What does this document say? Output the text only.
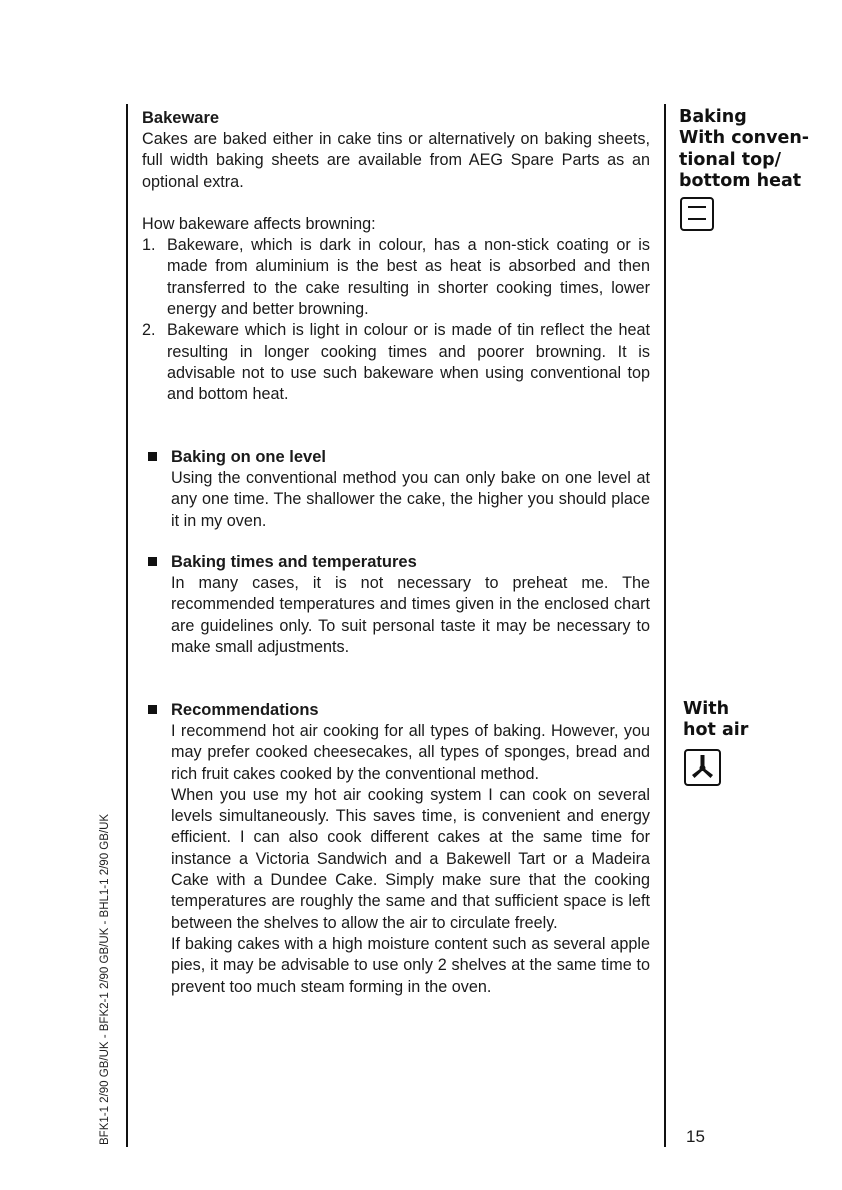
Bakeware

Cakes are baked either in cake tins or alternatively on baking sheets, full width baking sheets are available from AEG Spare Parts as an optional extra.

How bakeware affects browning:

1. Bakeware, which is dark in colour, has a non-stick coating or is made from aluminium is the best as heat is absorbed and then transferred to the cake resulting in shorter cooking times, lower energy and better browning.
2. Bakeware which is light in colour or is made of tin reflect the heat resulting in longer cooking times and poorer browning. It is advisable not to use such bakeware when using conventional top and bottom heat.

Baking on one level

Using the conventional method you can only bake on one level at any one time. The shallower the cake, the higher you should place it in my oven.

Baking times and temperatures

In many cases, it is not necessary to preheat me. The recommended temperatures and times given in the enclosed chart are guidelines only. To suit personal taste it may be necessary to make small adjustments.

Recommendations

I recommend hot air cooking for all types of baking. However, you may prefer cooked cheesecakes, all types of sponges, bread and rich fruit cakes cooked by the conventional method.

When you use my hot air cooking system I can cook on several levels simultaneously. This saves time, is convenient and energy efficient. I can also cook different cakes at the same time for instance a Victoria Sandwich and a Bakewell Tart or a Madeira Cake with a Dundee Cake. Simply make sure that the cooking temperatures are roughly the same and that sufficient space is left between the shelves to allow the air to circulate freely.

If baking cakes with a high moisture content such as several apple pies, it may be advisable to use only 2 shelves at the same time to prevent too much steam forming in the oven.

Baking
With conven-
tional top/
bottom heat
With
hot air
BFK1-1 2/90 GB/UK - BFK2-1 2/90 GB/UK - BHL1-1 2/90 GB/UK	15
